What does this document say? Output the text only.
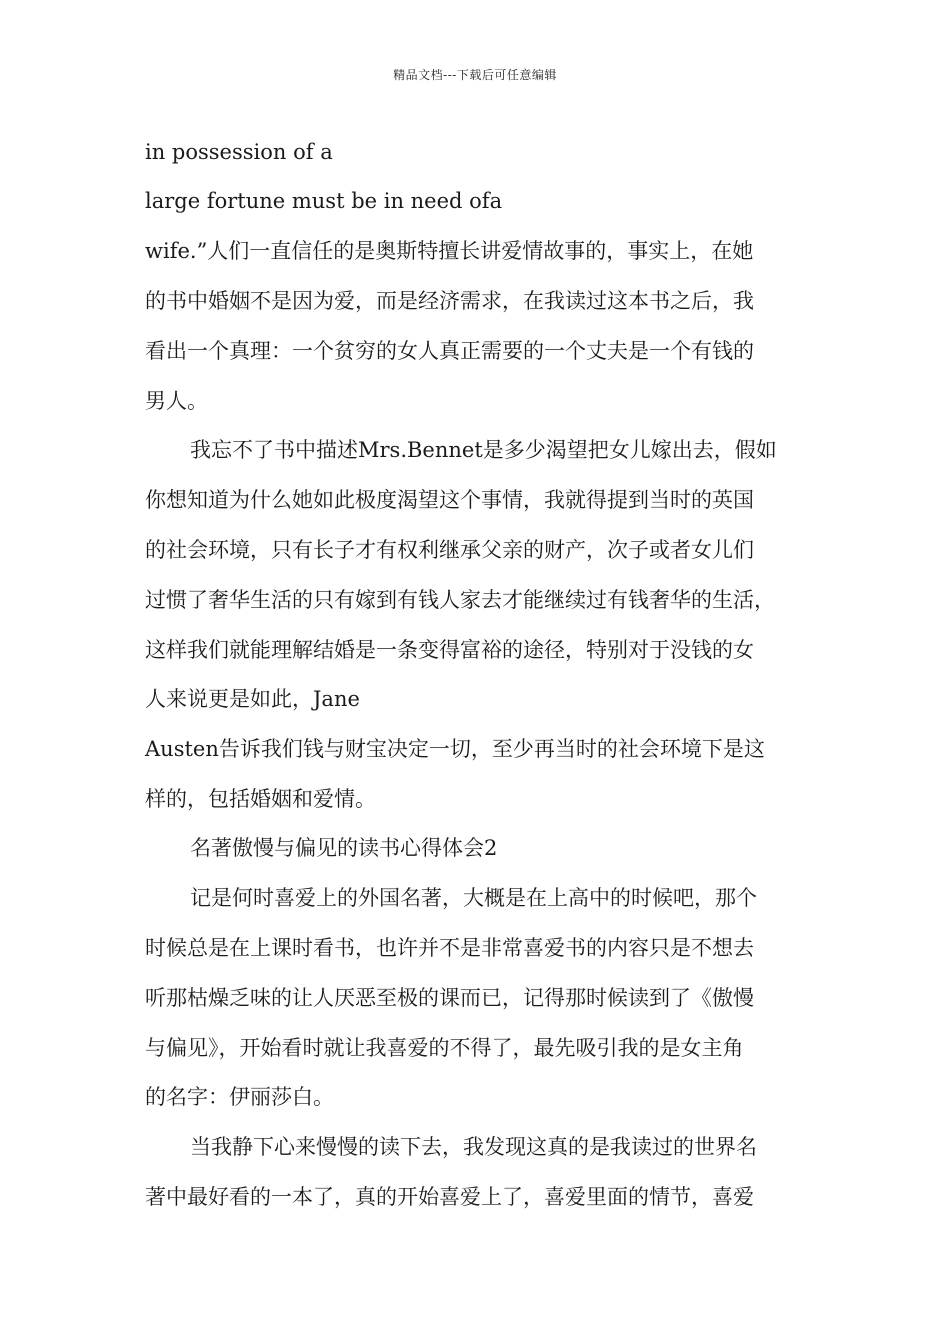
精品文档---下载后可任意编辑
in possession of a
large fortune must be in need ofa
wife.”人们一直信任的是奥斯特擅长讲爱情故事的，事实上，在她
的书中婚姻不是因为爱，而是经济需求，在我读过这本书之后，我
看出一个真理：一个贫穷的女人真正需要的一个丈夫是一个有钱的
男人。
我忘不了书中描述Mrs.Bennet是多少渴望把女儿嫁出去，假如
你想知道为什么她如此极度渴望这个事情，我就得提到当时的英国
的社会环境，只有长子才有权利继承父亲的财产，次子或者女儿们
过惯了奢华生活的只有嫁到有钱人家去才能继续过有钱奢华的生活，
这样我们就能理解结婚是一条变得富裕的途径，特别对于没钱的女
人来说更是如此，Jane
Austen告诉我们钱与财宝决定一切，至少再当时的社会环境下是这
样的，包括婚姻和爱情。
名著傲慢与偏见的读书心得体会2
记是何时喜爱上的外国名著，大概是在上高中的时候吧，那个
时候总是在上课时看书，也许并不是非常喜爱书的内容只是不想去
听那枯燥乏味的让人厌恶至极的课而已，记得那时候读到了《傲慢
与偏见》，开始看时就让我喜爱的不得了，最先吸引我的是女主角
的名字：伊丽莎白。
当我静下心来慢慢的读下去，我发现这真的是我读过的世界名
著中最好看的一本了，真的开始喜爱上了，喜爱里面的情节，喜爱
